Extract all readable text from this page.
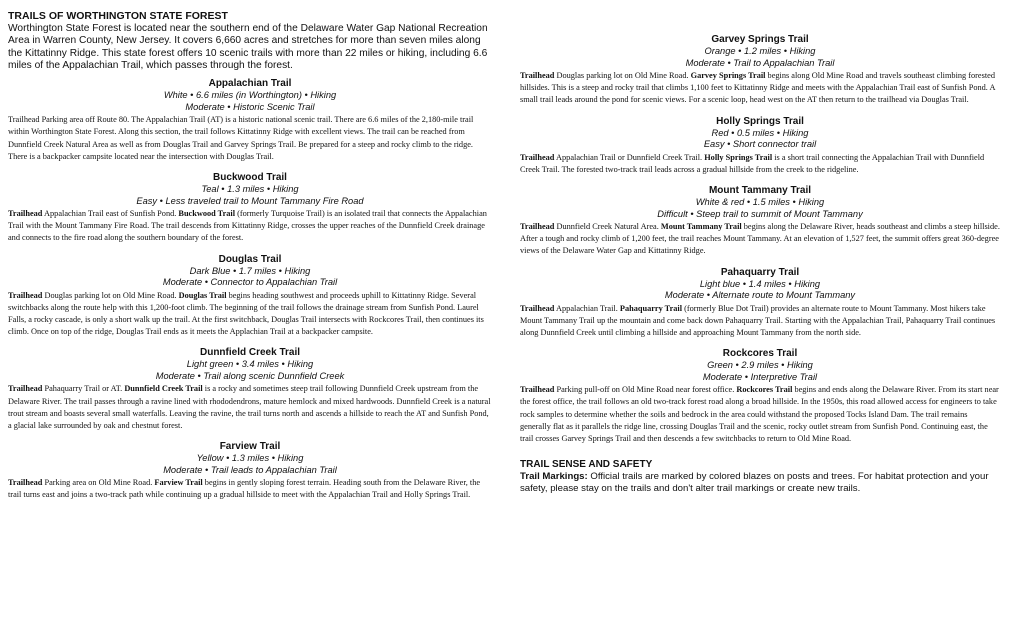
TRAILS OF WORTHINGTON STATE FOREST
Worthington State Forest is located near the southern end of the Delaware Water Gap National Recreation Area in Warren County, New Jersey. It covers 6,660 acres and stretches for more than seven miles along the Kittatinny Ridge. This state forest offers 10 scenic trails with more than 22 miles or hiking, including 6.6 miles of the Appalachian Trail, which passes through the forest.
Appalachian Trail
White • 6.6 miles (in Worthington) • Hiking
Moderate • Historic Scenic Trail
Trailhead Parking area off Route 80. The Appalachian Trail (AT) is a historic national scenic trail. There are 6.6 miles of the 2,180-mile trail within Worthington State Forest. Along this section, the trail follows Kittatinny Ridge with excellent views. The trail can be reached from Dunnfield Creek Natural Area as well as from Douglas Trail and Garvey Springs Trail. Be prepared for a steep and rocky climb to the ridge. There is a backpacker campsite located near the intersection with Douglas Trail.
Buckwood Trail
Teal • 1.3 miles • Hiking
Easy • Less traveled trail to Mount Tammany Fire Road
Trailhead Appalachian Trail east of Sunfish Pond. Buckwood Trail (formerly Turquoise Trail) is an isolated trail that connects the Appalachian Trail with the Mount Tammany Fire Road. The trail descends from Kittatinny Ridge, crosses the upper reaches of the Dunnfield Creek drainage and connects to the fire road along the southern boundary of the forest.
Douglas Trail
Dark Blue • 1.7 miles • Hiking
Moderate • Connector to Appalachian Trail
Trailhead Douglas parking lot on Old Mine Road. Douglas Trail begins heading southwest and proceeds uphill to Kittatinny Ridge. Several switchbacks along the route help with this 1,200-foot climb. The beginning of the trail follows the drainage stream from Sunfish Pond. Laurel Falls, a rocky cascade, is only a short walk up the trail. At the first switchback, Douglas Trail intersects with Rockcores Trail, then continues its climb. Once on top of the ridge, Douglas Trail ends as it meets the Applachian Trail at a backpacker campsite.
Dunnfield Creek Trail
Light green • 3.4 miles • Hiking
Moderate • Trail along scenic Dunnfield Creek
Trailhead Pahaquarry Trail or AT. Dunnfield Creek Trail is a rocky and sometimes steep trail following Dunnfield Creek upstream from the Delaware River. The trail passes through a ravine lined with rhododendrons, mature hemlock and mixed hardwoods. Dunnfield Creek is a natural trout stream and boasts several small waterfalls. Leaving the ravine, the trail turns north and ascends a hillside to reach the AT and Sunfish Pond, a glacial lake surrounded by oak and chestnut forest.
Farview Trail
Yellow • 1.3 miles • Hiking
Moderate • Trail leads to Appalachian Trail
Trailhead Parking area on Old Mine Road. Farview Trail begins in gently sloping forest terrain. Heading south from the Delaware River, the trail turns east and joins a two-track path while continuing up a gradual hillside to meet with the Appalachian Trail and Holly Springs Trail.
Garvey Springs Trail
Orange • 1.2 miles • Hiking
Moderate • Trail to Appalachian Trail
Trailhead Douglas parking lot on Old Mine Road. Garvey Springs Trail begins along Old Mine Road and travels southeast climbing forested hillsides. This is a steep and rocky trail that climbs 1,100 feet to Kittatinny Ridge and meets with the Appalachian Trail east of Sunfish Pond. A small trail leads around the pond for scenic views. For a scenic loop, head west on the AT then return to the trailhead via Douglas Trail.
Holly Springs Trail
Red • 0.5 miles • Hiking
Easy • Short connector trail
Trailhead Appalachian Trail or Dunnfield Creek Trail. Holly Springs Trail is a short trail connecting the Appalachian Trail with Dunnfield Creek Trail. The forested two-track trail leads across a gradual hillside from the creek to the ridgeline.
Mount Tammany Trail
White & red • 1.5 miles • Hiking
Difficult • Steep trail to summit of Mount Tammany
Trailhead Dunnfield Creek Natural Area. Mount Tammany Trail begins along the Delaware River, heads southeast and climbs a steep hillside. After a tough and rocky climb of 1,200 feet, the trail reaches Mount Tammany. At an elevation of 1,527 feet, the summit offers great 360-degree views of the Delaware Water Gap and Kittatinny Ridge.
Pahaquarry Trail
Light blue • 1.4 miles • Hiking
Moderate • Alternate route to Mount Tammany
Trailhead Appalachian Trail. Pahaquarry Trail (formerly Blue Dot Trail) provides an alternate route to Mount Tammany. Most hikers take Mount Tammany Trail up the mountain and come back down Pahaquarry Trail. Starting with the Appalachian Trail, Pahaquarry Trail continues along Dunnfield Creek until climbing a hillside and approaching Mount Tammany from the north side.
Rockcores Trail
Green • 2.9 miles • Hiking
Moderate • Interpretive Trail
Trailhead Parking pull-off on Old Mine Road near forest office. Rockcores Trail begins and ends along the Delaware River. From its start near the forest office, the trail follows an old two-track forest road along a broad hillside. In the 1950s, this road allowed access for engineers to take rock samples to determine whether the soils and bedrock in the area could withstand the proposed Tocks Island Dam. The trail remains generally flat as it parallels the ridge line, crossing Douglas Trail and the scenic, rocky outlet stream from Sunfish Pond. Continuing east, the trail crosses Garvey Springs Trail and then descends a few switchbacks to return to Old Mine Road.
TRAIL SENSE AND SAFETY
Trail Markings: Official trails are marked by colored blazes on posts and trees. For habitat protection and your safety, please stay on the trails and don't alter trail markings or create new trails.
